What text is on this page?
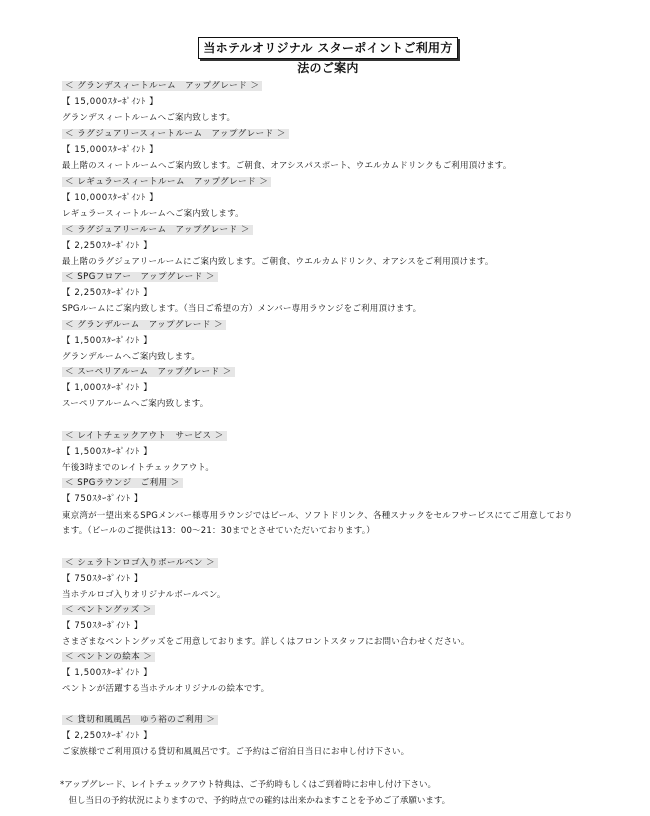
当ホテルオリジナル スターポイントご利用方法のご案内
＜ グランデスィートルーム　アップグレード ＞
【 15,000ｽﾀｰﾎﾟｲﾝﾄ 】
グランデスィートルームへご案内致します。
＜ ラグジュアリースィートルーム　アップグレード ＞
【 15,000ｽﾀｰﾎﾟｲﾝﾄ 】
最上階のスィートルームへご案内致します。ご朝食、オアシスパスポート、ウエルカムドリンクもご利用頂けます。
＜ レギュラースィートルーム　アップグレード ＞
【 10,000ｽﾀｰﾎﾟｲﾝﾄ 】
レギュラースィートルームへご案内致します。
＜ ラグジュアリールーム　アップグレード ＞
【 2,250ｽﾀｰﾎﾟｲﾝﾄ 】
最上階のラグジュアリールームにご案内致します。ご朝食、ウエルカムドリンク、オアシスをご利用頂けます。
＜ SPGフロアー　アップグレード ＞
【 2,250ｽﾀｰﾎﾟｲﾝﾄ 】
SPGルームにご案内致します。（当日ご希望の方）メンバー専用ラウンジをご利用頂けます。
＜ グランデルーム　アップグレード ＞
【 1,500ｽﾀｰﾎﾟｲﾝﾄ 】
グランデルームへご案内致します。
＜ スーペリアルーム　アップグレード ＞
【 1,000ｽﾀｰﾎﾟｲﾝﾄ 】
スーペリアルームへご案内致します。
＜ レイトチェックアウト　サービス ＞
【 1,500ｽﾀｰﾎﾟｲﾝﾄ 】
午後3時までのレイトチェックアウト。
＜ SPGラウンジ　ご利用 ＞
【 750ｽﾀｰﾎﾟｲﾝﾄ 】
東京湾が一望出来るSPGメンバー様専用ラウンジではビール、ソフトドリンク、各種スナックをセルフサービスにてご用意しており
ます。（ビールのご提供は13：00〜21：30までとさせていただいております。）
＜ シェラトンロゴ入りボールペン ＞
【 750ｽﾀｰﾎﾟｲﾝﾄ 】
当ホテルロゴ入りオリジナルボールペン。
＜ ペントングッズ ＞
【 750ｽﾀｰﾎﾟｲﾝﾄ 】
さまざまなペントングッズをご用意しております。詳しくはフロントスタッフにお問い合わせください。
＜ ペントンの絵本 ＞
【 1,500ｽﾀｰﾎﾟｲﾝﾄ 】
ペントンが活躍する当ホテルオリジナルの絵本です。
＜ 貸切和風風呂　ゆう裕のご利用 ＞
【 2,250ｽﾀｰﾎﾟｲﾝﾄ 】
ご家族様でご利用頂ける貸切和風風呂です。ご予約はご宿泊日当日にお申し付け下さい。
*アップグレード、レイトチェックアウト特典は、ご予約時もしくはご到着時にお申し付け下さい。
　但し当日の予約状況によりますので、予約時点での確約は出来かねますことを予めご了承願います。
